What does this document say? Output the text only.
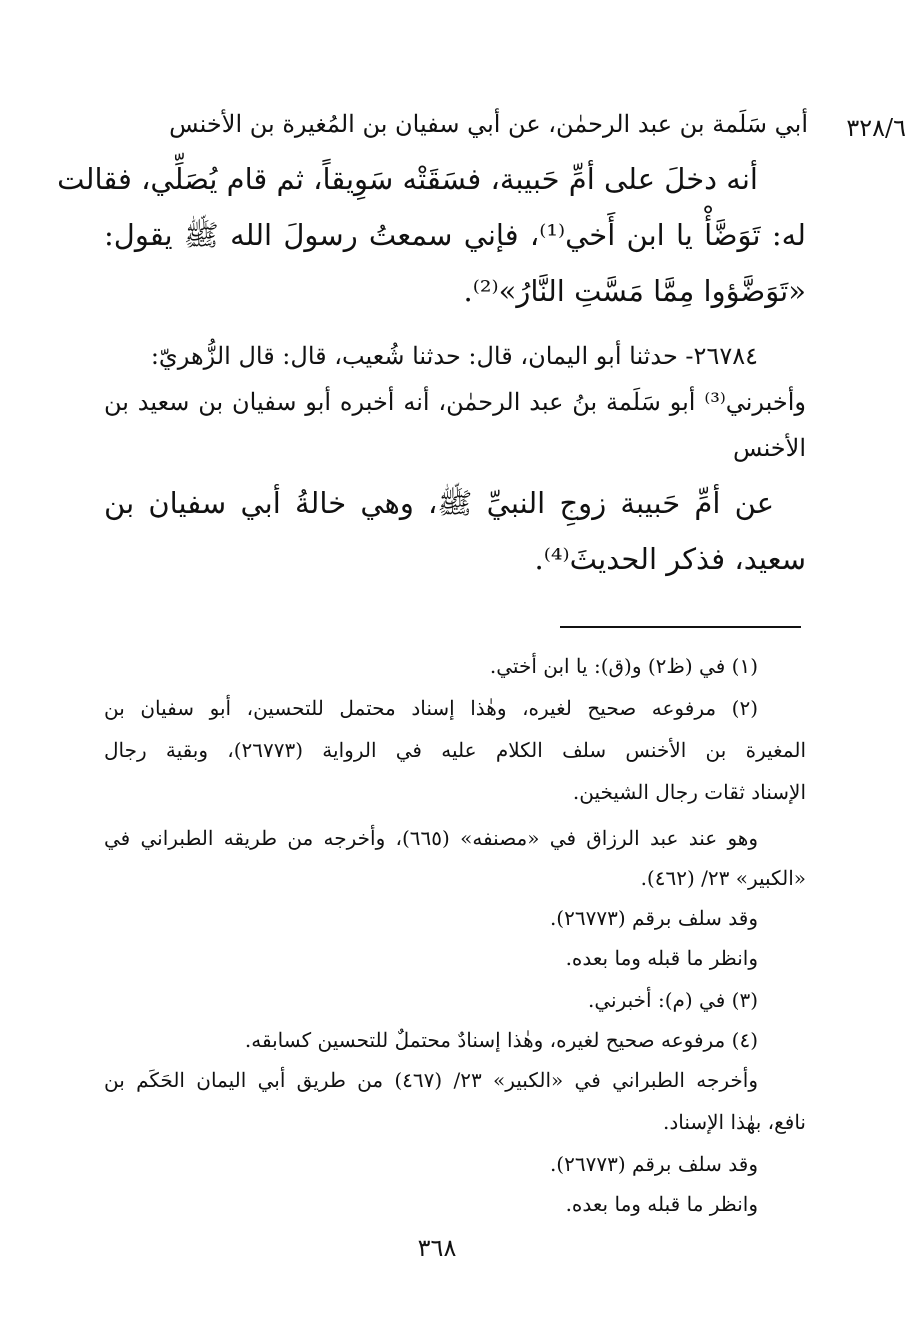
٣٢٨/٦
أبي سَلَمة بن عبد الرحمٰن، عن أبي سفيان بن المُغيرة بن الأخنس
أنه دخلَ على أمِّ حَبيبة، فسَقَتْه سَوِيقاً، ثم قام يُصَلِّي، فقالت
له: تَوَضَّأْ يا ابن أَخي⁽¹⁾، فإني سمعتُ رسولَ الله ﷺ يقول:
«تَوَضَّؤوا مِمَّا مَسَّتِ النَّارُ»⁽²⁾.
٢٦٧٨٤- حدثنا أبو اليمان، قال: حدثنا شُعيب، قال: قال الزُّهريّ:
وأخبرني⁽³⁾ أبو سَلَمة بنُ عبد الرحمٰن، أنه أخبره أبو سفيان بن سعيد بن
الأخنس
عن أمِّ حَبيبة زوجِ النبيِّ ﷺ، وهي خالةُ أبي سفيان بن
سعيد، فذكر الحديثَ⁽⁴⁾.
(١) في (ظ٢) و(ق): يا ابن أختي.
(٢) مرفوعه صحيح لغيره، وهٰذا إسناد محتمل للتحسين، أبو سفيان بن
المغيرة بن الأخنس سلف الكلام عليه في الرواية (٢٦٧٧٣)، وبقية رجال
الإسناد ثقات رجال الشيخين.
وهو عند عبد الرزاق في «مصنفه» (٦٦٥)، وأخرجه من طريقه الطبراني في
«الكبير» ٢٣/ (٤٦٢).
وقد سلف برقم (٢٦٧٧٣).
وانظر ما قبله وما بعده.
(٣) في (م): أخبرني.
(٤) مرفوعه صحيح لغيره، وهٰذا إسنادٌ محتملٌ للتحسين كسابقه.
وأخرجه الطبراني في «الكبير» ٢٣/ (٤٦٧) من طريق أبي اليمان الحَكَم بن
نافع، بهٰذا الإسناد.
وقد سلف برقم (٢٦٧٧٣).
وانظر ما قبله وما بعده.
٣٦٨
